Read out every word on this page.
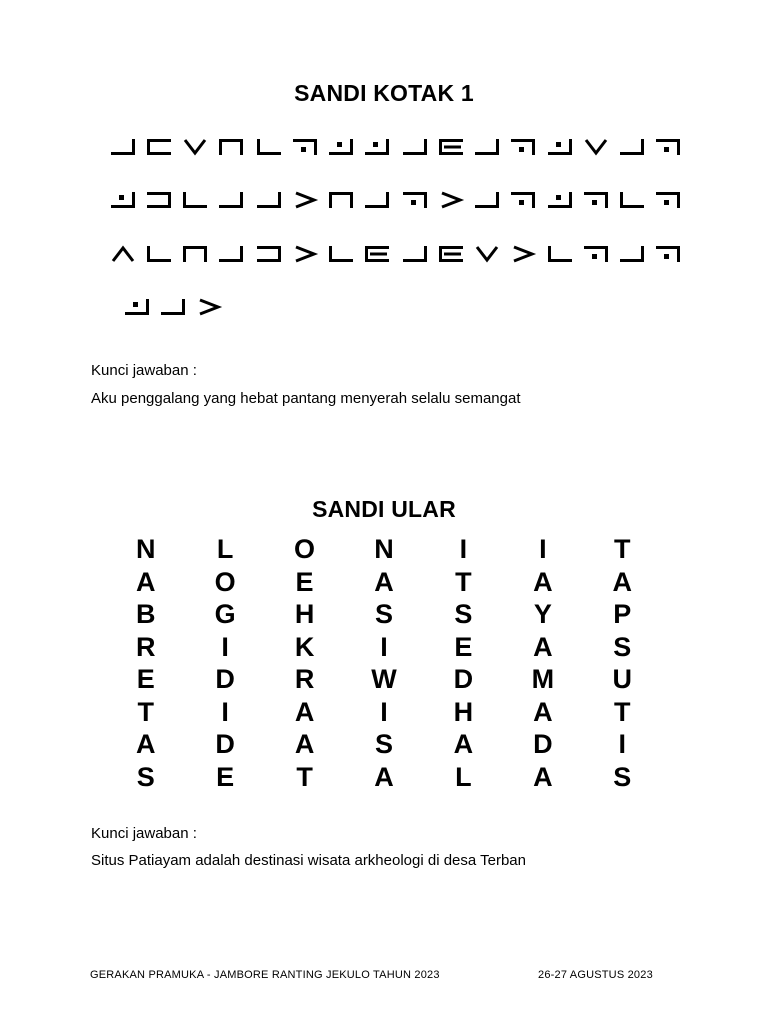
SANDI KOTAK 1
Kunci jawaban :
Aku penggalang yang hebat pantang menyerah selalu semangat
SANDI ULAR
N	L	O	N	I	I	T
A	O	E	A	T	A	A
B	G	H	S	S	Y	P
R	I	K	I	E	A	S
E	D	R	W	D	M	U
T	I	A	I	H	A	T
A	D	A	S	A	D	I
S	E	T	A	L	A	S
Kunci jawaban :
Situs Patiayam adalah destinasi wisata arkheologi di desa Terban
GERAKAN PRAMUKA - JAMBORE RANTING JEKULO TAHUN 2023	26-27 AGUSTUS 2023
